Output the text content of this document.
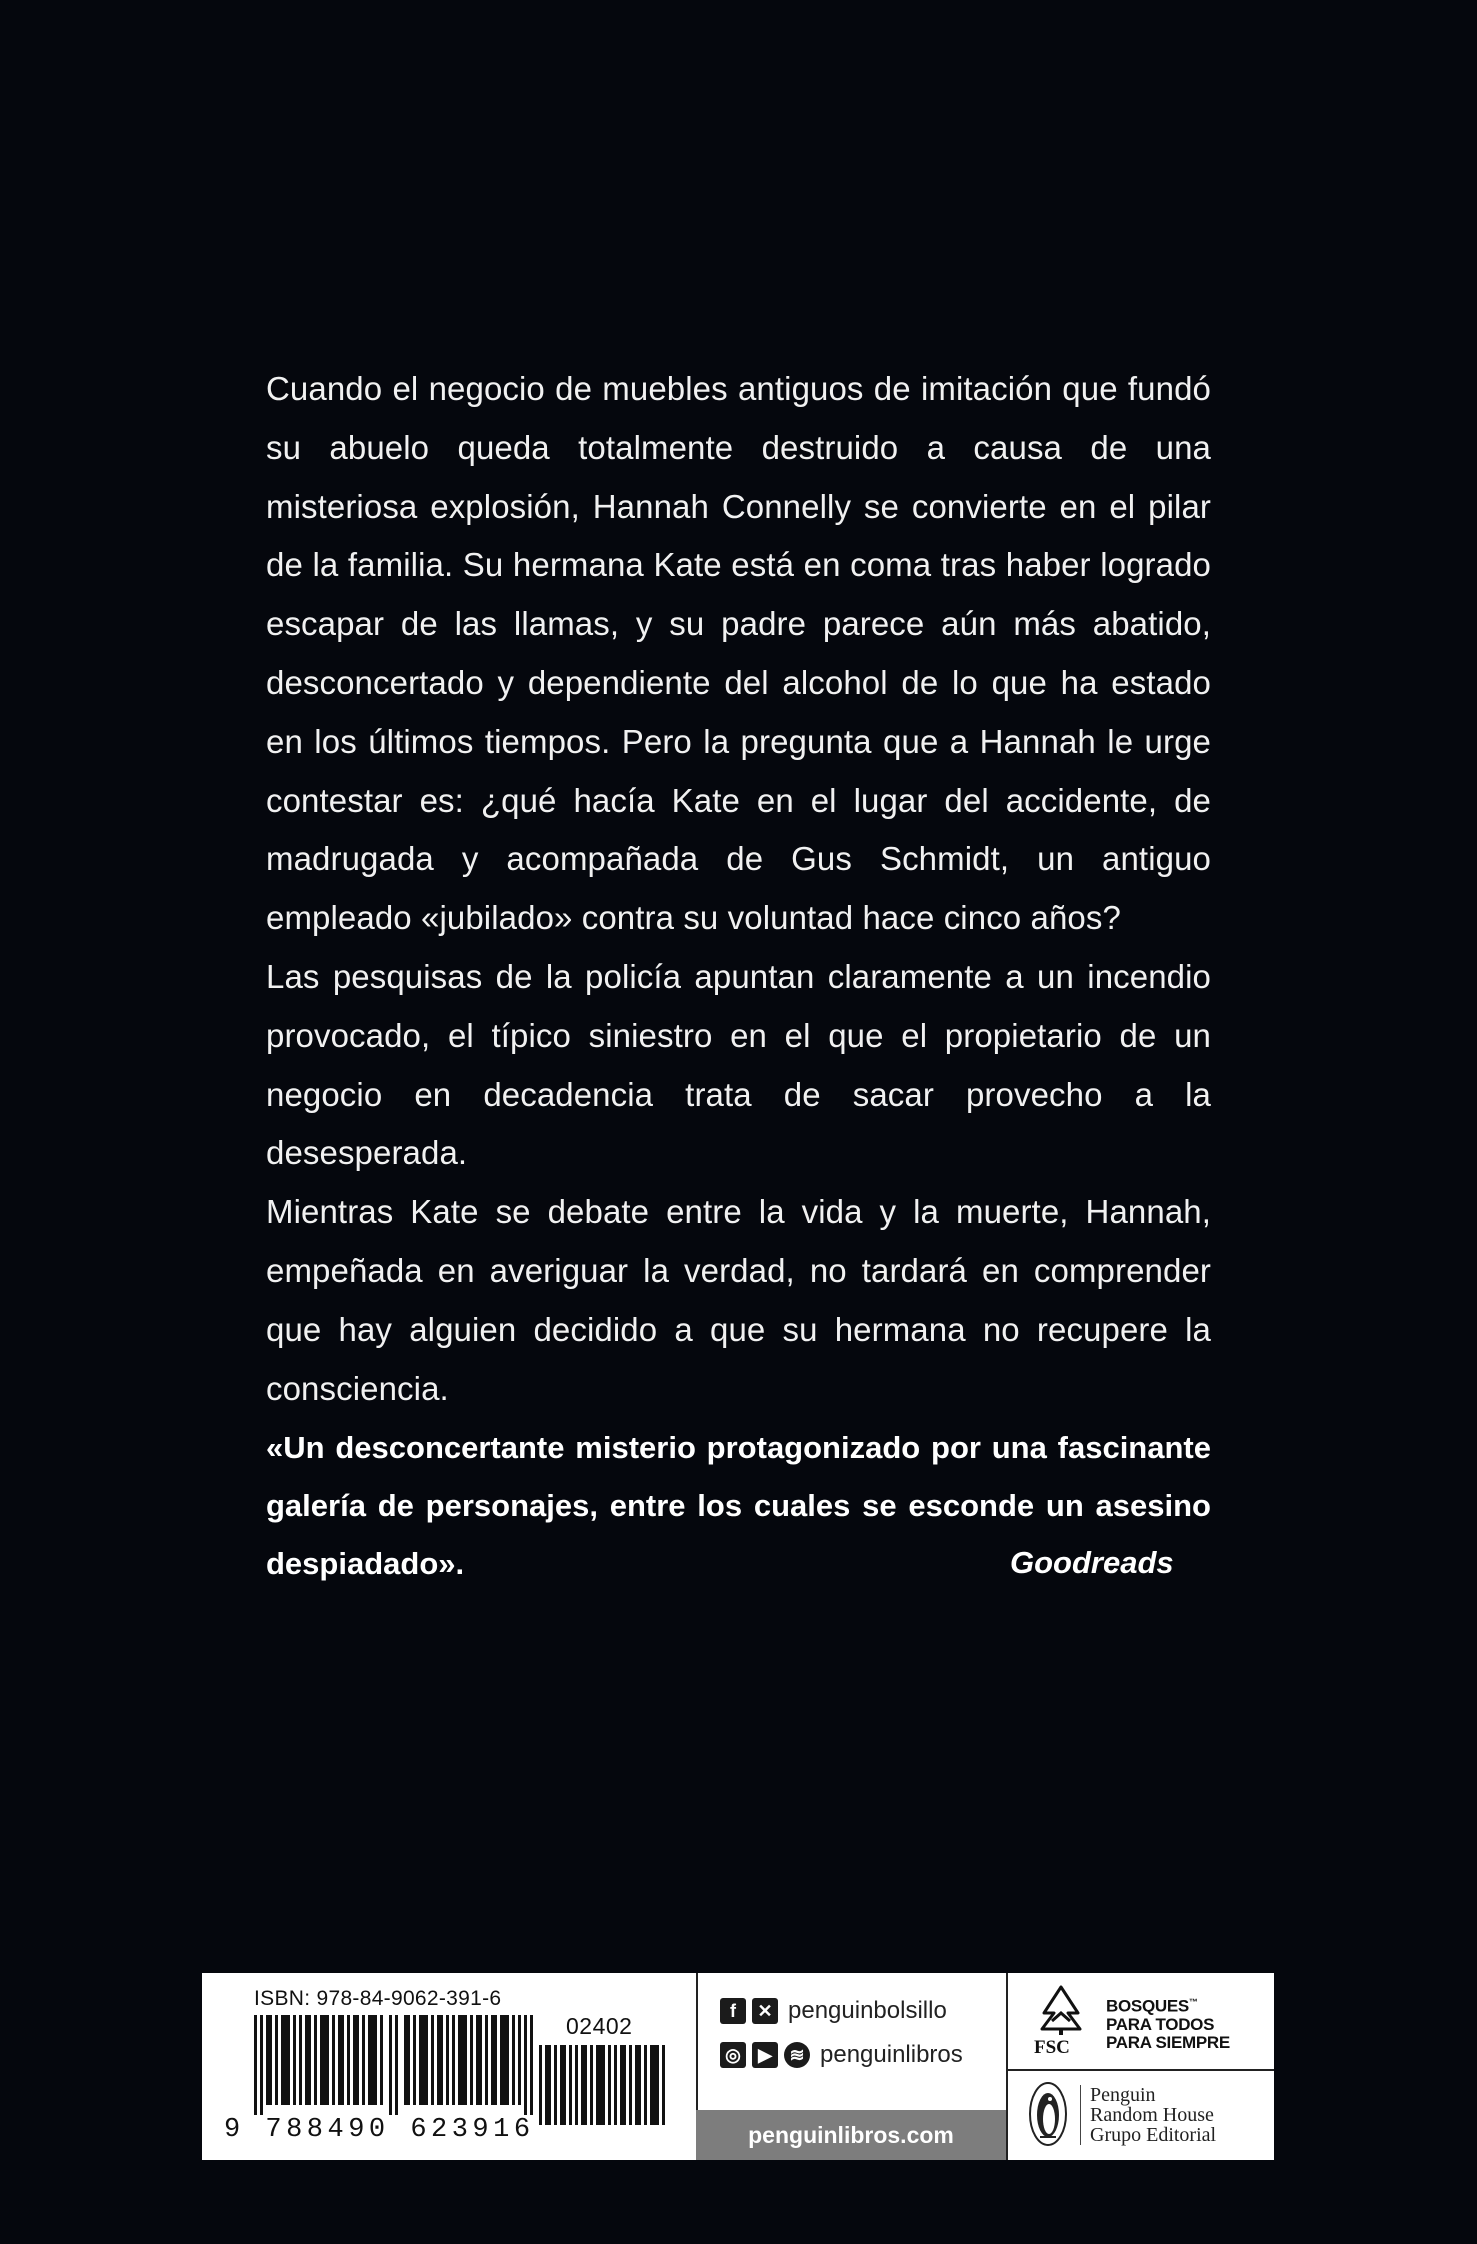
Cuando el negocio de muebles antiguos de imitación que fundó su abuelo queda totalmente destruido a causa de una misteriosa explosión, Hannah Connelly se convierte en el pilar de la familia. Su hermana Kate está en coma tras haber logrado escapar de las llamas, y su padre parece aún más abatido, desconcertado y dependiente del alcohol de lo que ha estado en los últimos tiempos. Pero la pregunta que a Hannah le urge contestar es: ¿qué hacía Kate en el lugar del accidente, de madrugada y acompañada de Gus Schmidt, un antiguo empleado «jubilado» contra su voluntad hace cinco años?

Las pesquisas de la policía apuntan claramente a un incendio provocado, el típico siniestro en el que el propietario de un negocio en decadencia trata de sacar provecho a la desesperada.

Mientras Kate se debate entre la vida y la muerte, Hannah, empeñada en averiguar la verdad, no tardará en comprender que hay alguien decidido a que su hermana no recupere la consciencia.

«Un desconcertante misterio protagonizado por una fascinante galería de personajes, entre los cuales se esconde un asesino despiadado».	Goodreads
ISBN: 978-84-9062-391-6
02402
9 788490 623916
f	✕ penguinbolsillo
◎ ▶ ≋ penguinlibros
penguinlibros.com
FSC
BOSQUES™
PARA TODOS
PARA SIEMPRE
Penguin
Random House
Grupo Editorial
